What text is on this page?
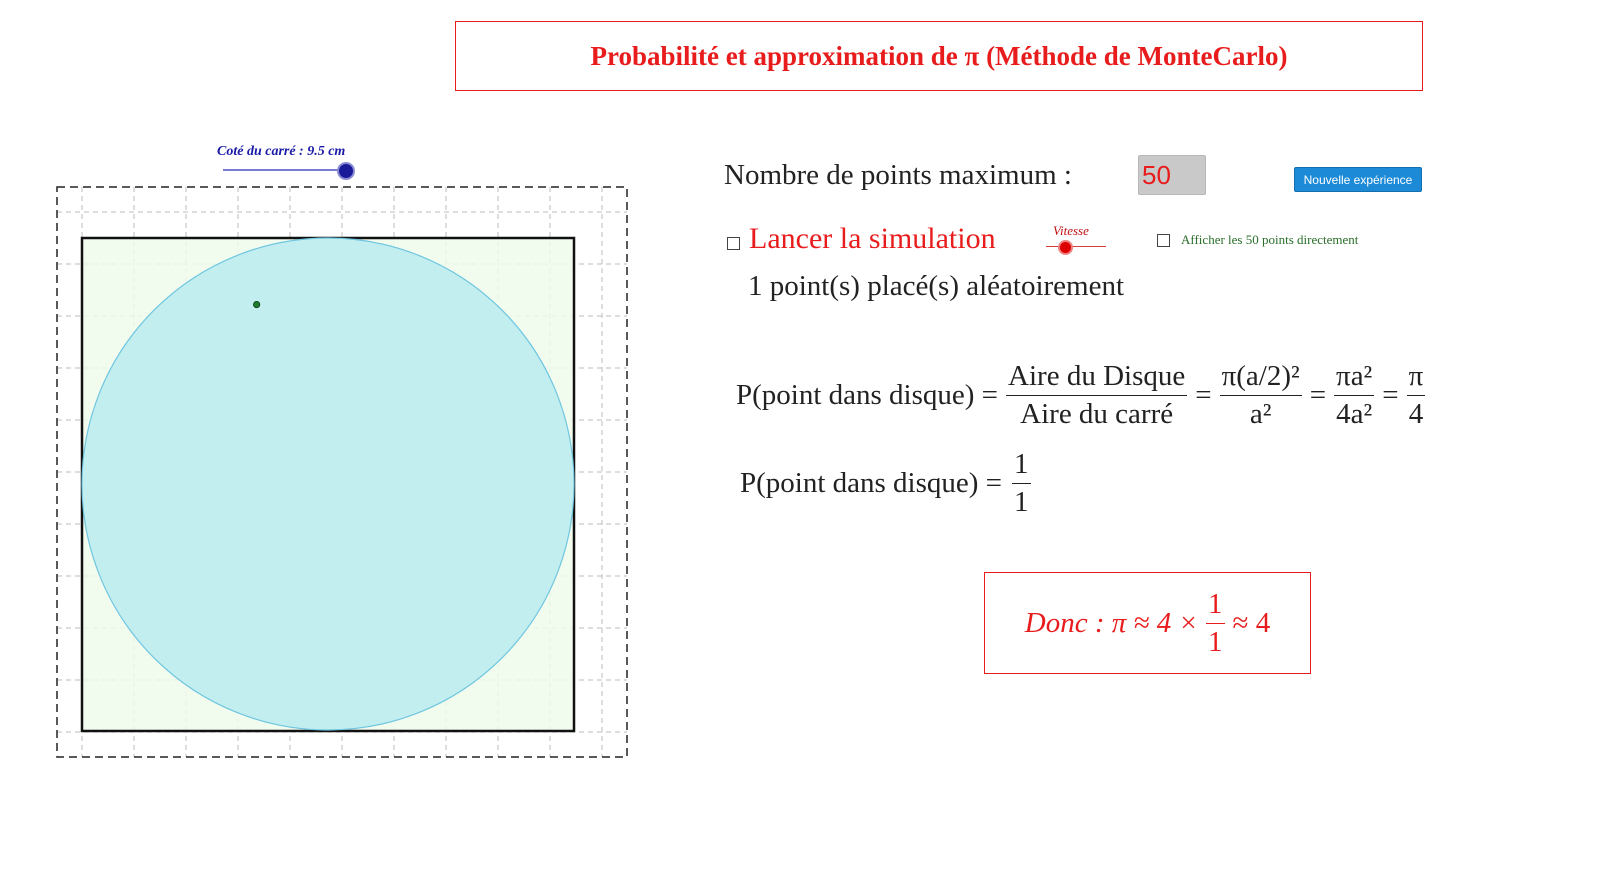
Probabilité et approximation de π (Méthode de MonteCarlo)
Coté du carré : 9.5 cm
Nombre de points maximum :	50	Nouvelle expérience
Lancer la simulation	Vitesse
Afficher les 50 points directement
1 point(s) placé(s) aléatoirement
P(point dans disque) = $\frac{\text{Aire du Disque}}{\text{Aire du carré}} = \frac{\text{π(a/2)²}}{\text{a²}} = \frac{\text{πa²}}{\text{4a²}} = \frac{\pi}{4}$
P(point dans disque) = $\frac{1}{1}$
Donc : $\pi \approx 4 \times \frac{1}{1} \approx 4$
